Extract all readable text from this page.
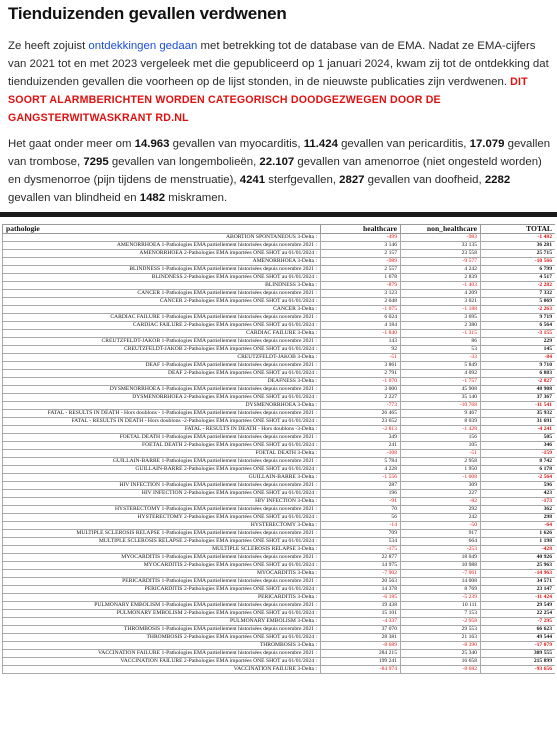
Tienduizenden gevallen verdwenen
Ze heeft zojuist ontdekkingen gedaan met betrekking tot de database van de EMA. Nadat ze EMA-cijfers van 2021 tot en met 2023 vergeleek met die gepubliceerd op 1 januari 2024, kwam zij tot de ontdekking dat tienduizenden gevallen die voorheen op de lijst stonden, in de nieuwste publicaties zijn verdwenen. DIT SOORT ALARMBERICHTEN WORDEN CATEGORISCH DOODGEZWEGEN DOOR DE GANGSTERWITWASKRANT RD.NL
Het gaat onder meer om 14.963 gevallen van myocarditis, 11.424 gevallen van pericarditis, 17.079 gevallen van trombose, 7295 gevallen van longembolieën, 22.107 gevallen van amenorroe (niet ongesteld worden) en dysmenorroe (pijn tijdens de menstruatie), 4241 sterfgevallen, 2827 gevallen van doofheid, 2282 gevallen van blindheid en 1482 miskramen.
pathologie	healthcare	non_healthcare	TOTAL
ABORTION SPONTANEOUS 3-Delta :	-499	-983	-1 482
AMENORRHOEA 1-Pathologies EMA partiellement historisées depuis novembre 2021 :	3 146	33 135	36 281
AMENORRHOEA 2-Pathologies EMA importées ONE SHOT au 01/01/2024 :	2 157	23 558	25 715
AMENORRHOEA 3-Delta :	-989	-9 577	-10 566
BLINDNESS 1-Pathologies EMA partiellement historisées depuis novembre 2021 :	2 557	4 242	6 799
BLINDNESS 2-Pathologies EMA importées ONE SHOT au 01/01/2024 :	1 678	2 839	4 517
BLINDNESS 3-Delta :	-879	-1 403	-2 282
CANCER 1-Pathologies EMA partiellement historisées depuis novembre 2021 :	3 123	4 209	7 332
CANCER 2-Pathologies EMA importées ONE SHOT au 01/01/2024 :	2 048	3 021	5 069
CANCER 3-Delta :	-1 075	-1 188	-2 263
CARDIAC FAILURE 1-Pathologies EMA partiellement historisées depuis novembre 2021 :	6 024	3 695	9 719
CARDIAC FAILURE 2-Pathologies EMA importées ONE SHOT au 01/01/2024 :	4 184	2 380	6 564
CARDIAC FAILURE 3-Delta :	-1 840	-1 315	-3 155
CREUTZFELDT-JAKOB 1-Pathologies EMA partiellement historisées depuis novembre 2021 :	143	86	229
CREUTZFELDT-JAKOB 2-Pathologies EMA importées ONE SHOT au 01/01/2024 :	92	53	145
CREUTZFELDT-JAKOB 3-Delta :	-51	-33	-84
DEAF 1-Pathologies EMA partiellement historisées depuis novembre 2021 :	3 861	5 849	9 710
DEAF 2-Pathologies EMA importées ONE SHOT au 01/01/2024 :	2 791	4 092	6 883
DEAFNESS 3-Delta :	-1 070	-1 757	-2 827
DYSMENORRHOEA 1-Pathologies EMA partiellement historisées depuis novembre 2021 :	3 000	45 908	48 908
DYSMENORRHOEA 2-Pathologies EMA importées ONE SHOT au 01/01/2024 :	2 227	35 140	37 367
DYSMENORRHOEA 3-Delta :	-773	-10 768	-11 541
FATAL - RESULTS IN DEATH - Hors doublons - 1-Pathologies EMA partiellement historisées depuis novembre 2021 :	26 465	9 467	35 932
FATAL - RESULTS IN DEATH - Hors doublons -2-Pathologies EMA importées ONE SHOT au 01/01/2024 :	23 652	8 039	31 691
FATAL - RESULTS IN DEATH - Hors doublons -3-Delta :	-2 813	-1 428	-4 241
FOETAL DEATH 1-Pathologies EMA partiellement historisées depuis novembre 2021 :	349	156	505
FOETAL DEATH 2-Pathologies EMA importées ONE SHOT au 01/01/2024 :	241	105	346
FOETAL DEATH 3-Delta :	-108	-51	-159
GUILLAIN-BARRE 1-Pathologies EMA partiellement historisées depuis novembre 2021 :	5 784	2 958	8 742
GUILLAIN-BARRE 2-Pathologies EMA importées ONE SHOT au 01/01/2024 :	4 228	1 950	6 178
GUILLAIN-BARRE 3-Delta :	-1 556	-1 008	-2 564
HIV INFECTION 1-Pathologies EMA partiellement historisées depuis novembre 2021 :	287	309	596
HIV INFECTION 2-Pathologies EMA importées ONE SHOT au 01/01/2024 :	196	227	423
HIV INFECTION 3-Delta :	-91	-82	-173
HYSTERECTOMY 1-Pathologies EMA partiellement historisées depuis novembre 2021 :	70	292	362
HYSTERECTOMY 2-Pathologies EMA importées ONE SHOT au 01/01/2024 :	56	242	298
HYSTERECTOMY 3-Delta :	-14	-50	-64
MULTIPLE SCLEROSIS RELAPSE 1-Pathologies EMA partiellement historisées depuis novembre 2021 :	709	917	1 626
MULTIPLE SCLEROSIS RELAPSE 2-Pathologies EMA importées ONE SHOT au 01/01/2024 :	534	664	1 198
MULTIPLE SCLEROSIS RELAPSE 3-Delta :	-175	-253	-428
MYOCARDITIS 1-Pathologies EMA partiellement historisées depuis novembre 2021 :	22 877	18 049	40 926
MYOCARDITIS 2-Pathologies EMA importées ONE SHOT au 01/01/2024 :	14 975	10 988	25 963
MYOCARDITIS 3-Delta :	-7 902	-7 061	-14 963
PERICARDITIS 1-Pathologies EMA partiellement historisées depuis novembre 2021 :	20 563	14 008	34 571
PERICARDITIS 2-Pathologies EMA importées ONE SHOT au 01/01/2024 :	14 378	8 769	23 147
PERICARDITIS 3-Delta :	-6 185	-5 239	-11 424
PULMONARY EMBOLISM 1-Pathologies EMA partiellement historisées depuis novembre 2021 :	19 438	10 111	29 549
PULMONARY EMBOLISM 2-Pathologies EMA importées ONE SHOT au 01/01/2024 :	15 101	7 153	22 254
PULMONARY EMBOLISM 3-Delta :	-4 337	-2 958	-7 295
THROMBOSIS 1-Pathologies EMA partiellement historisées depuis novembre 2021 :	37 070	29 553	66 623
THROMBOSIS 2-Pathologies EMA importées ONE SHOT au 01/01/2024 :	28 381	21 163	49 544
THROMBOSIS 3-Delta :	-8 689	-8 390	-17 079
VACCINATION FAILURE 1-Pathologies EMA partiellement historisées depuis novembre 2021 :	284 215	25 340	309 555
VACCINATION FAILURE 2-Pathologies EMA importées ONE SHOT au 01/01/2024 :	199 241	16 658	215 899
VACCINATION FAILURE 3-Delta :	-84 974	-8 682	-93 656
